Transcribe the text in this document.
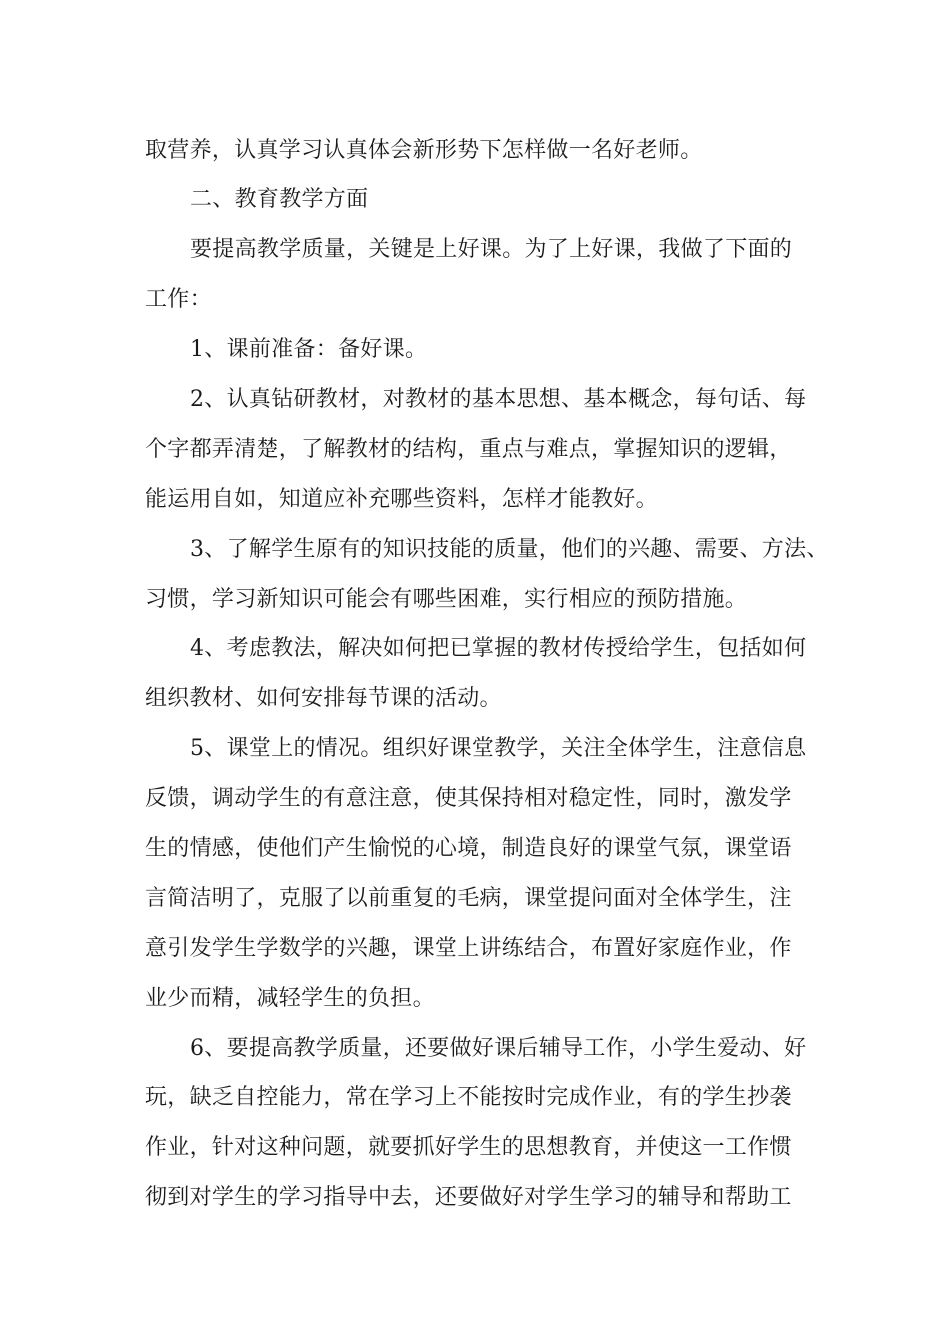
取营养，认真学习认真体会新形势下怎样做一名好老师。
二、教育教学方面
要提高教学质量，关键是上好课。为了上好课，我做了下面的
工作：
1、课前准备：备好课。
2、认真钻研教材，对教材的基本思想、基本概念，每句话、每
个字都弄清楚，了解教材的结构，重点与难点，掌握知识的逻辑，
能运用自如，知道应补充哪些资料，怎样才能教好。
3、了解学生原有的知识技能的质量，他们的兴趣、需要、方法、
习惯，学习新知识可能会有哪些困难，实行相应的预防措施。
4、考虑教法，解决如何把已掌握的教材传授给学生，包括如何
组织教材、如何安排每节课的活动。
5、课堂上的情况。组织好课堂教学，关注全体学生，注意信息
反馈，调动学生的有意注意，使其保持相对稳定性，同时，激发学
生的情感，使他们产生愉悦的心境，制造良好的课堂气氛，课堂语
言简洁明了，克服了以前重复的毛病，课堂提问面对全体学生，注
意引发学生学数学的兴趣，课堂上讲练结合，布置好家庭作业，作
业少而精，减轻学生的负担。
6、要提高教学质量，还要做好课后辅导工作，小学生爱动、好
玩，缺乏自控能力，常在学习上不能按时完成作业，有的学生抄袭
作业，针对这种问题，就要抓好学生的思想教育，并使这一工作惯
彻到对学生的学习指导中去，还要做好对学生学习的辅导和帮助工
